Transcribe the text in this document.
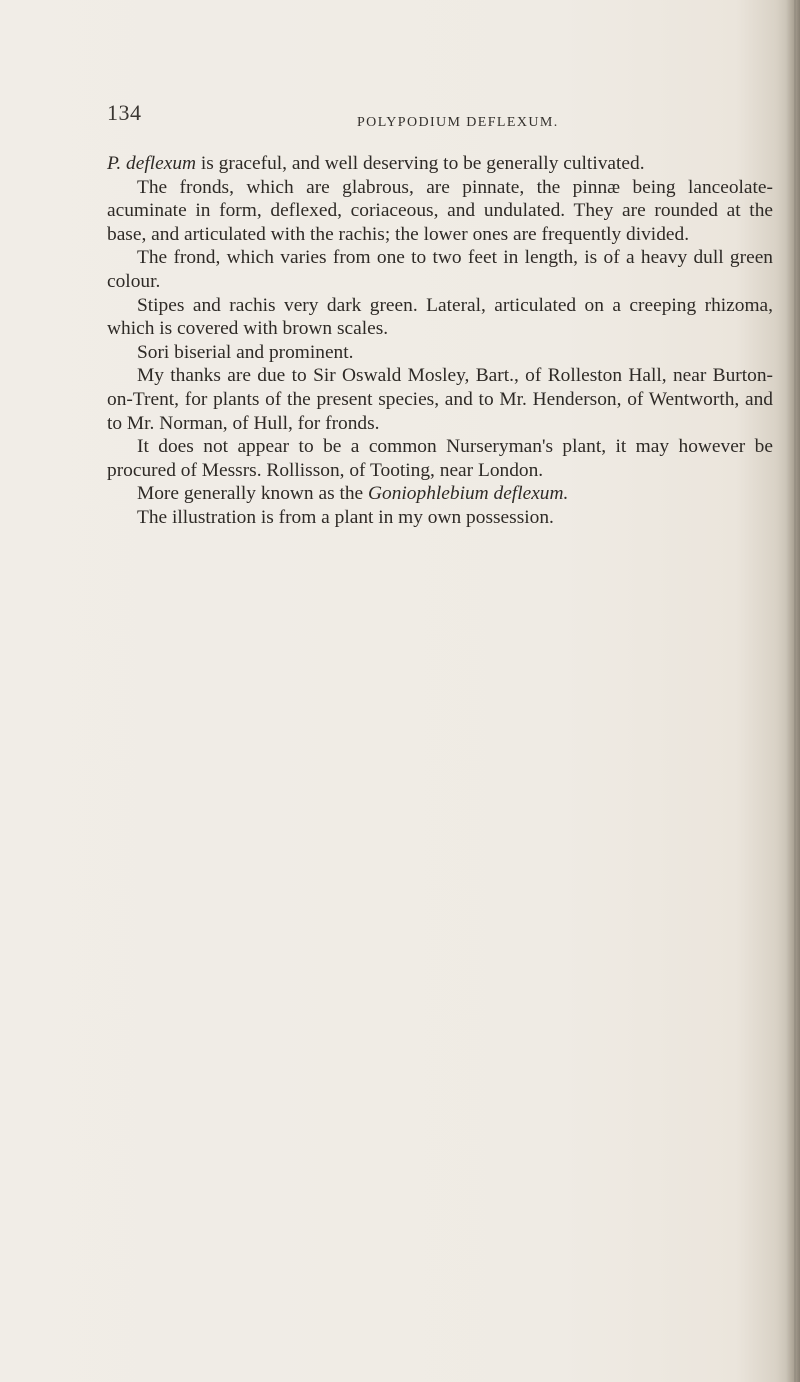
134	POLYPODIUM DEFLEXUM.

P. deflexum is graceful, and well deserving to be generally cultivated.

The fronds, which are glabrous, are pinnate, the pinnæ being lanceolate-acuminate in form, deflexed, coriaceous, and undulated. They are rounded at the base, and articulated with the rachis; the lower ones are frequently divided.

The frond, which varies from one to two feet in length, is of a heavy dull green colour.

Stipes and rachis very dark green. Lateral, articulated on a creeping rhizoma, which is covered with brown scales.

Sori biserial and prominent.

My thanks are due to Sir Oswald Mosley, Bart., of Rolleston Hall, near Burton-on-Trent, for plants of the present species, and to Mr. Henderson, of Wentworth, and to Mr. Norman, of Hull, for fronds.

It does not appear to be a common Nurseryman's plant, it may however be procured of Messrs. Rollisson, of Tooting, near London.

More generally known as the Goniophlebium deflexum.

The illustration is from a plant in my own possession.
